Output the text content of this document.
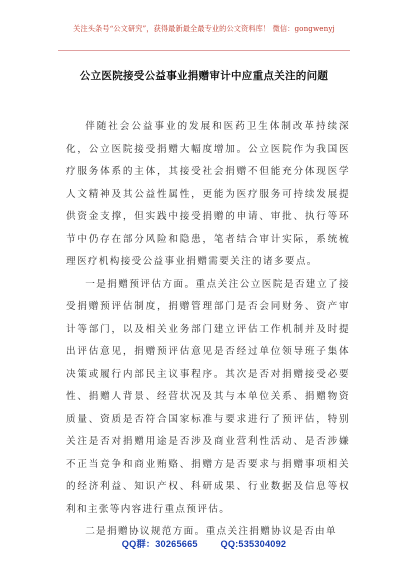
关注头条号“公文研究”，获得最新最全最专业的公文资料库！ 微信：gongwenyj
公立医院接受公益事业捐赠审计中应重点关注的问题

伴随社会公益事业的发展和医药卫生体制改革持续深化，公立医院接受捐赠大幅度增加。公立医院作为我国医疗服务体系的主体，其接受社会捐赠不但能充分体现医学人文精神及其公益性属性，更能为医疗服务可持续发展提供资金支撑，但实践中接受捐赠的申请、审批、执行等环节中仍存在部分风险和隐患，笔者结合审计实际，系统梳理医疗机构接受公益事业捐赠需要关注的诸多要点。

一是捐赠预评估方面。重点关注公立医院是否建立了接受捐赠预评估制度，捐赠管理部门是否会同财务、资产审计等部门，以及相关业务部门建立评估工作机制并及时提出评估意见，捐赠预评估意见是否经过单位领导班子集体决策或履行内部民主议事程序。其次是否对捐赠接受必要性、捐赠人背景、经营状况及其与本单位关系、捐赠物资质量、资质是否符合国家标准与要求进行了预评估，特别关注是否对捐赠用途是否涉及商业营利性活动、是否涉嫌不正当竞争和商业贿赂、捐赠方是否要求与捐赠事项相关的经济利益、知识产权、科研成果、行业数据及信息等权利和主张等内容进行重点预评估。

二是捐赠协议规范方面。重点关注捐赠协议是否由单

QQ群：30265665 QQ:535304092
